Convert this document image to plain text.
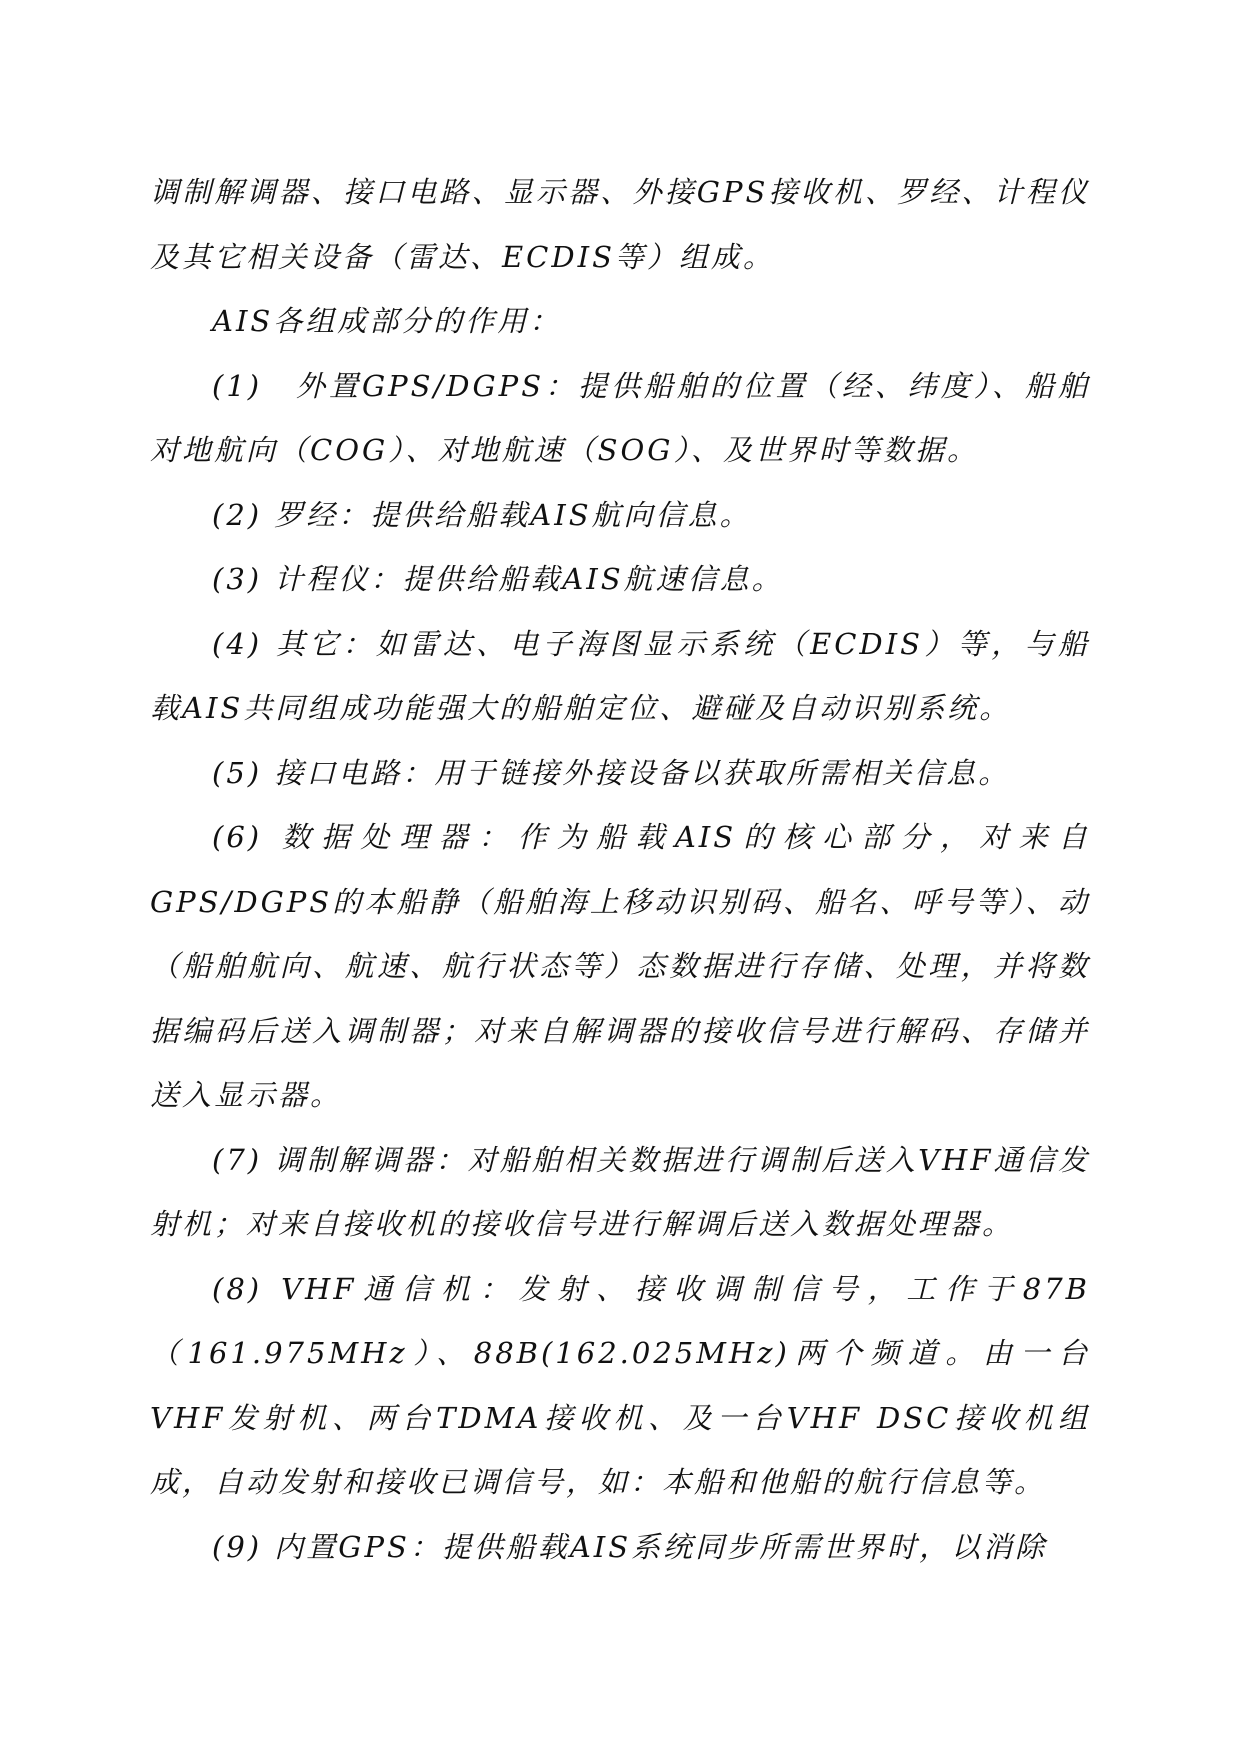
调制解调器、接口电路、显示器、外接GPS接收机、罗经、计程仪及其它相关设备（雷达、ECDIS等）组成。

AIS各组成部分的作用：

(1)　外置GPS/DGPS：提供船舶的位置（经、纬度）、船舶对地航向（COG）、对地航速（SOG）、及世界时等数据。

(2) 罗经：提供给船载AIS航向信息。

(3) 计程仪：提供给船载AIS航速信息。

(4) 其它：如雷达、电子海图显示系统（ECDIS）等，与船载AIS共同组成功能强大的船舶定位、避碰及自动识别系统。

(5) 接口电路：用于链接外接设备以获取所需相关信息。

(6) 数据处理器：作为船载AIS的核心部分，对来自GPS/DGPS的本船静（船舶海上移动识别码、船名、呼号等）、动（船舶航向、航速、航行状态等）态数据进行存储、处理，并将数据编码后送入调制器；对来自解调器的接收信号进行解码、存储并送入显示器。

(7) 调制解调器：对船舶相关数据进行调制后送入VHF通信发射机；对来自接收机的接收信号进行解调后送入数据处理器。

(8) VHF通信机：发射、接收调制信号，工作于87B（161.975MHz）、88B(162.025MHz)两个频道。由一台VHF发射机、两台TDMA接收机、及一台VHF DSC接收机组成，自动发射和接收已调信号，如：本船和他船的航行信息等。

(9) 内置GPS：提供船载AIS系统同步所需世界时，以消除
